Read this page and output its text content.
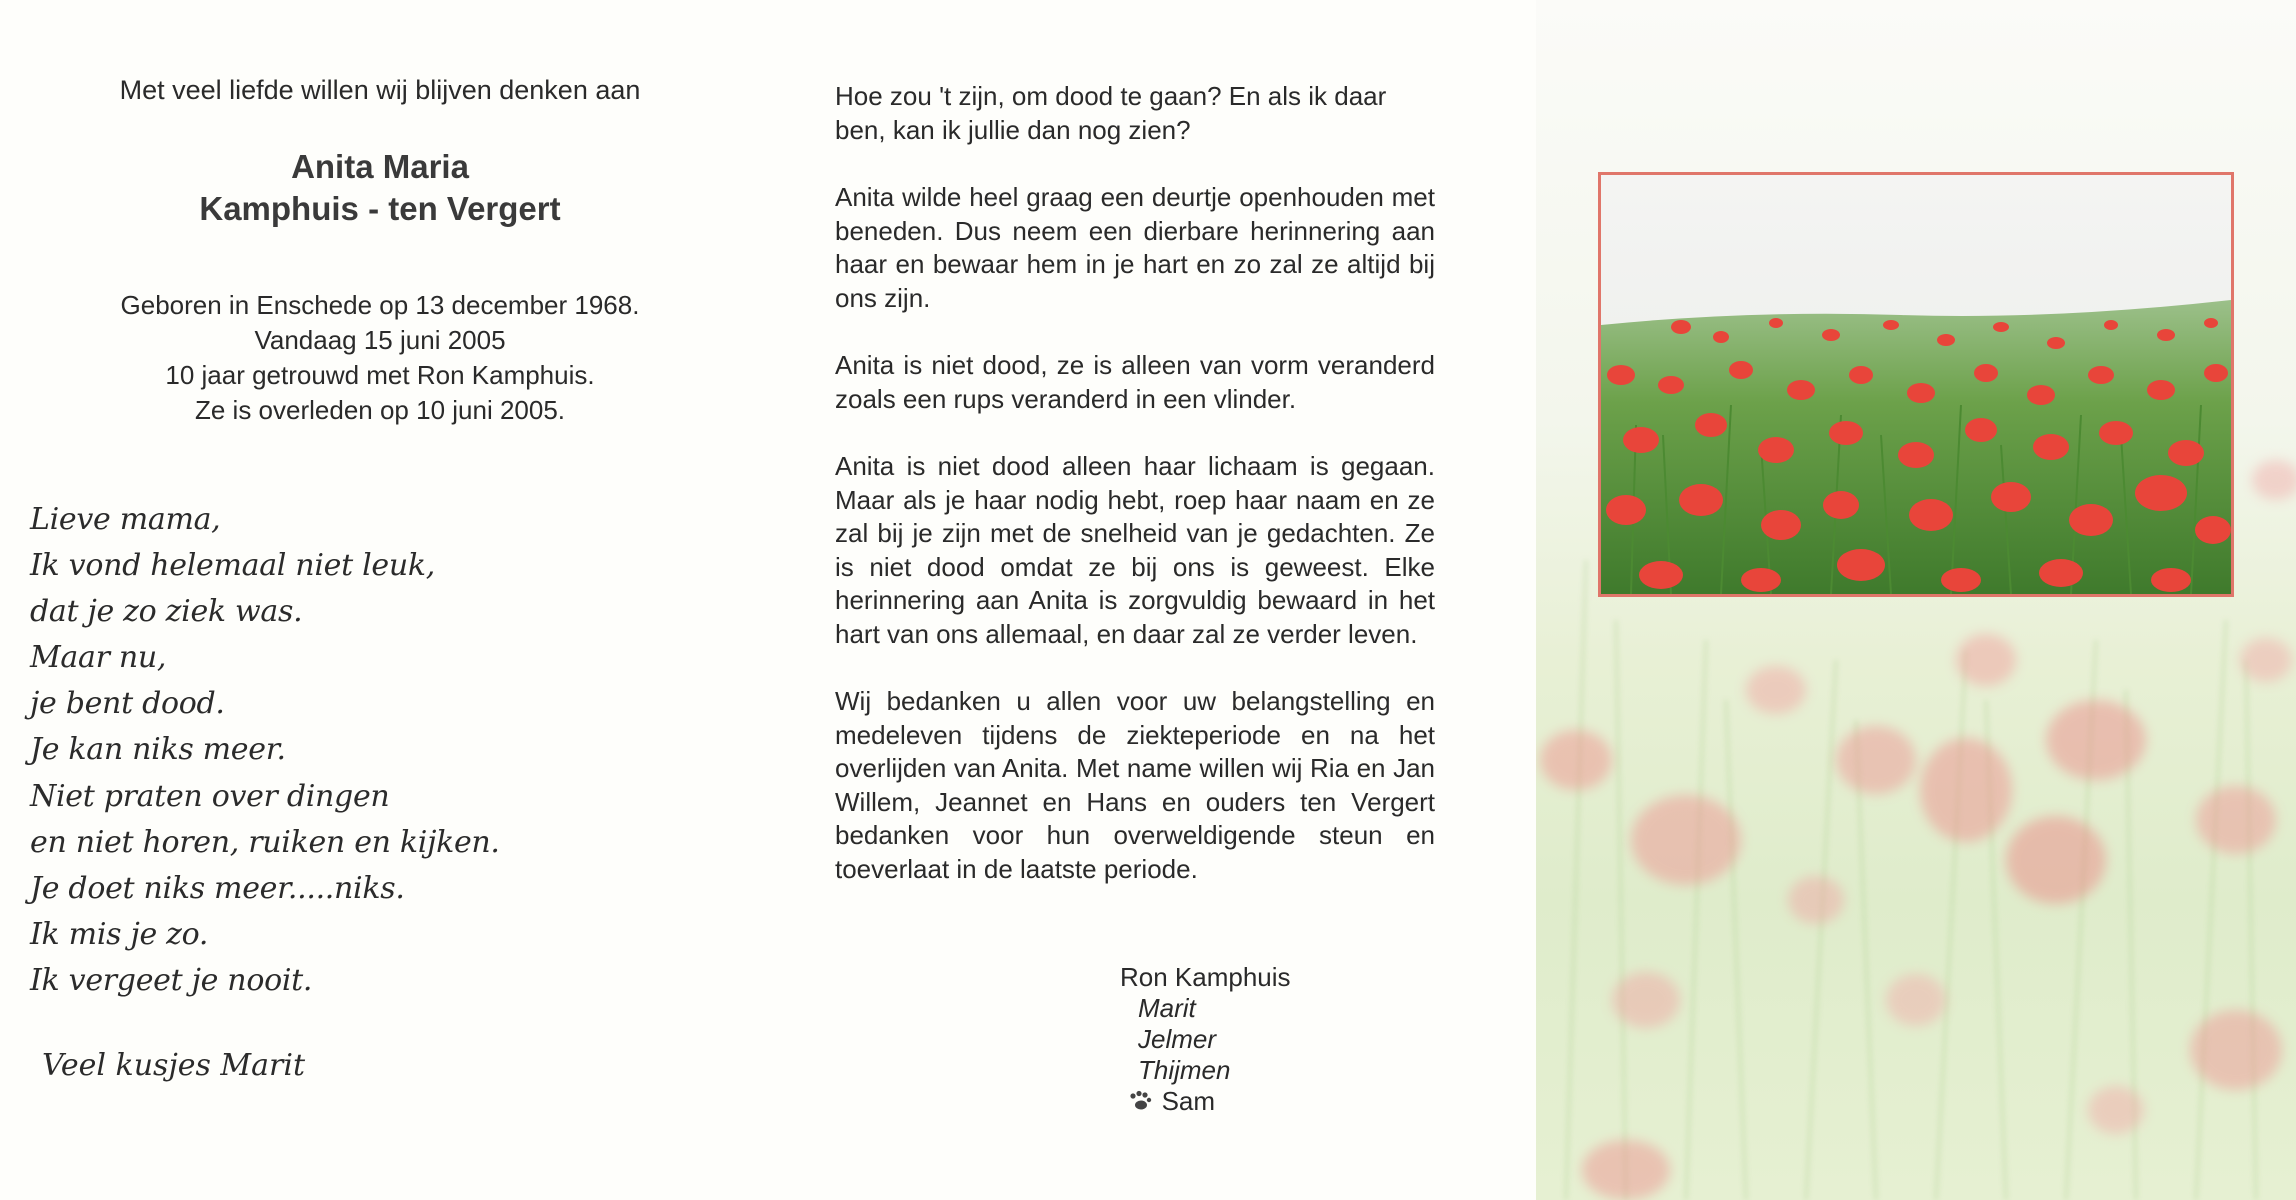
Met veel liefde willen wij blijven denken aan

Anita Maria
Kamphuis - ten Vergert
Geboren in Enschede op 13 december 1968.
Vandaag 15 juni 2005
10 jaar getrouwd met Ron Kamphuis.
Ze is overleden op 10 juni 2005.
Lieve mama,
Ik vond helemaal niet leuk,
dat je zo ziek was.
Maar nu,
je bent dood.
Je kan niks meer.
Niet praten over dingen
en niet horen, ruiken en kijken.
Je doet niks meer.....niks.
Ik mis je zo.
Ik vergeet je nooit.
Veel kusjes Marit

Hoe zou 't zijn, om dood te gaan? En als ik daar ben, kan ik jullie dan nog zien?

Anita wilde heel graag een deurtje openhouden met beneden. Dus neem een dierbare herinnering aan haar en bewaar hem in je hart en zo zal ze altijd bij ons zijn.

Anita is niet dood, ze is alleen van vorm veranderd zoals een rups veranderd in een vlinder.

Anita is niet dood alleen haar lichaam is gegaan. Maar als je haar nodig hebt, roep haar naam en ze zal bij je zijn met de snelheid van je gedachten. Ze is niet dood omdat ze bij ons is geweest. Elke herinnering aan Anita is zorgvuldig bewaard in het hart van ons allemaal, en daar zal ze verder leven.

Wij bedanken u allen voor uw belangstelling en medeleven tijdens de ziekteperiode en na het overlijden van Anita. Met name willen wij Ria en Jan Willem, Jeannet en Hans en ouders ten Vergert bedanken voor hun overweldigende steun en toeverlaat in de laatste periode.

Ron Kamphuis
Marit
Jelmer
Thijmen
Sam
